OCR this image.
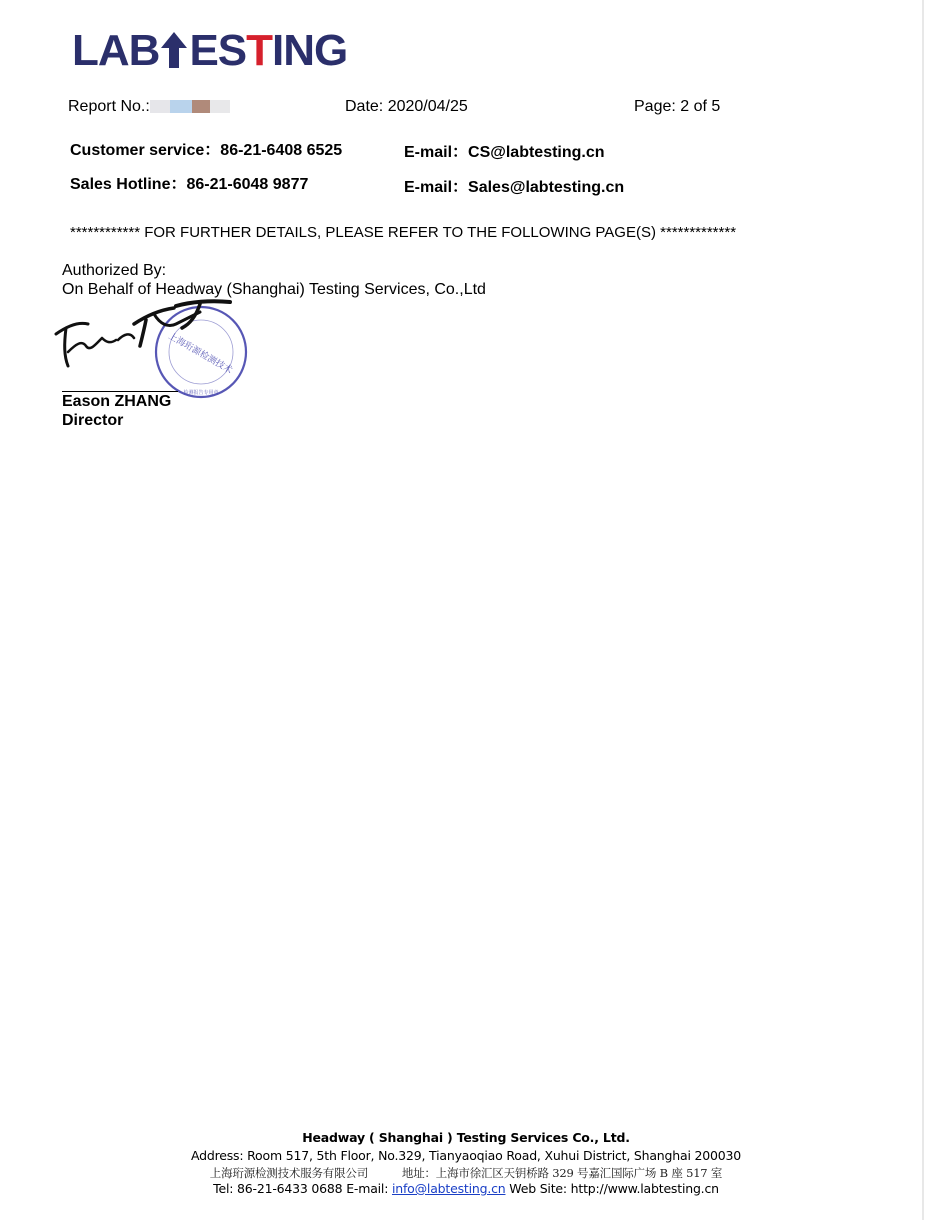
LAB ESTING
Report No.:	Date: 2020/04/25	Page: 2 of 5
Customer service：86-21-6408 6525
Sales Hotline：86-21-6048 9877
E-mail：CS@labtesting.cn
E-mail：Sales@labtesting.cn
************ FOR FURTHER DETAILS, PLEASE REFER TO THE FOLLOWING PAGE(S) *************
Authorized By:
On Behalf of Headway (Shanghai) Testing Services, Co.,Ltd
上海珩源检测技术
检测报告专用章
Eason ZHANG
Director
Headway ( Shanghai ) Testing Services Co., Ltd.
Address: Room 517, 5th Floor, No.329, Tianyaoqiao Road, Xuhui District, Shanghai 200030
上海珩源检测技术服务有限公司　　　地址：上海市徐汇区天钥桥路 329 号嘉汇国际广场 B 座 517 室
Tel: 86-21-6433 0688 E-mail: info@labtesting.cn Web Site: http://www.labtesting.cn
